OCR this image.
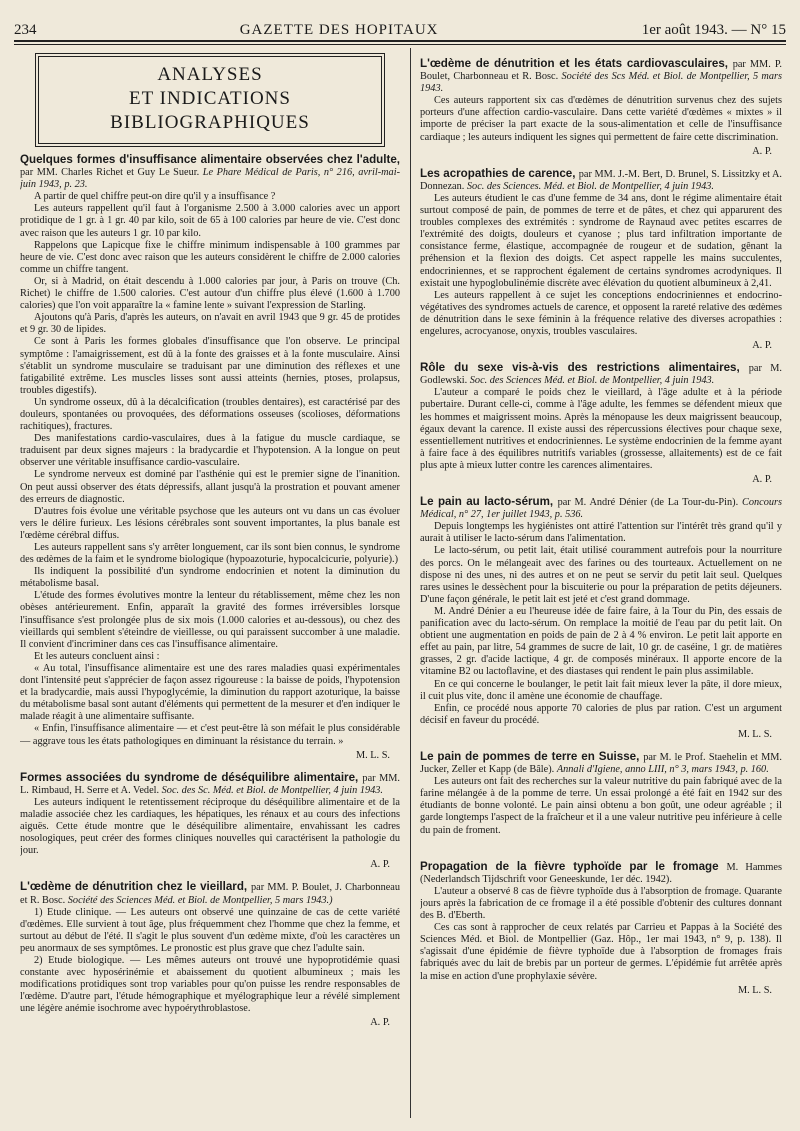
234	GAZETTE DES HOPITAUX	1er août 1943. — N° 15
ANALYSES
ET INDICATIONS BIBLIOGRAPHIQUES
Quelques formes d'insuffisance alimentaire observées chez l'adulte, par MM. Charles Richet et Guy Le Sueur. Le Phare Médical de Paris, n° 216, avril-mai-juin 1943, p. 23.

A partir de quel chiffre peut-on dire qu'il y a insuffisance ?

Les auteurs rappellent qu'il faut à l'organisme 2.500 à 3.000 calories avec un apport protidique de 1 gr. à 1 gr. 40 par kilo, soit de 65 à 100 calories par heure de vie. C'est donc avec raison que les auteurs 1 gr. 10 par kilo.

Rappelons que Lapicque fixe le chiffre minimum indispensable à 100 grammes par heure de vie. C'est donc avec raison que les auteurs considèrent le chiffre de 2.000 calories comme un chiffre tangent.

Or, si à Madrid, on était descendu à 1.000 calories par jour, à Paris on trouve (Ch. Richet) le chiffre de 1.500 calories. C'est autour d'un chiffre plus élevé (1.600 à 1.700 calories) que l'on voit apparaître la « famine lente » suivant l'expression de Starling.

Ajoutons qu'à Paris, d'après les auteurs, on n'avait en avril 1943 que 9 gr. 45 de protides et 9 gr. 30 de lipides.

Ce sont à Paris les formes globales d'insuffisance que l'on observe. Le principal symptôme : l'amaigrissement, est dû à la fonte des graisses et à la fonte musculaire. Ainsi s'établit un syndrome musculaire se traduisant par une diminution des réflexes et une fatigabilité extrême. Les muscles lisses sont aussi atteints (hernies, ptoses, prolapsus, troubles digestifs).

Un syndrome osseux, dû à la décalcification (troubles dentaires), est caractérisé par des douleurs, spontanées ou provoquées, des déformations osseuses (scolioses, déformations rachitiques), fractures.

Des manifestations cardio-vasculaires, dues à la fatigue du muscle cardiaque, se traduisent par deux signes majeurs : la bradycardie et l'hypotension. A la longue on peut observer une véritable insuffisance cardio-vasculaire.

Le syndrome nerveux est dominé par l'asthénie qui est le premier signe de l'inanition. On peut aussi observer des états dépressifs, allant jusqu'à la prostration et pouvant amener des erreurs de diagnostic.

D'autres fois évolue une véritable psychose que les auteurs ont vu dans un cas évoluer vers le délire furieux. Les lésions cérébrales sont souvent importantes, la plus banale est l'œdème cérébral diffus.

Les auteurs rappellent sans s'y arrêter longuement, car ils sont bien connus, le syndrome des œdèmes de la faim et le syndrome biologique (hypoazoturie, hypocalcicurie, polyurie).)

Ils indiquent la possibilité d'un syndrome endocrinien et notent la diminution du métabolisme basal.

L'étude des formes évolutives montre la lenteur du rétablissement, même chez les non obèses antérieurement. Enfin, apparaît la gravité des formes irréversibles lorsque l'insuffisance s'est prolongée plus de six mois (1.000 calories et au-dessous), ou chez des vieillards qui semblent s'éteindre de vieillesse, ou qui paraissent succomber à une maladie. Il convient d'incriminer dans ces cas l'insuffisance alimentaire.

Et les auteurs concluent ainsi :

« Au total, l'insuffisance alimentaire est une des rares maladies quasi expérimentales dont l'intensité peut s'apprécier de façon assez rigoureuse : la baisse de poids, l'hypotension et la bradycardie, mais aussi l'hypoglycémie, la diminution du rapport azoturique, la baisse du métabolisme basal sont autant d'éléments qui permettent de la mesurer et d'en indiquer le malade réagit à une alimentaire suffisante.

« Enfin, l'insuffisance alimentaire — et c'est peut-être là son méfait le plus considérable — aggrave tous les états pathologiques en diminuant la résistance du terrain. »

M. L. S.
Formes associées du syndrome de déséquilibre alimentaire, par MM. L. Rimbaud, H. Serre et A. Vedel. Soc. des Sc. Méd. et Biol. de Montpellier, 4 juin 1943.

Les auteurs indiquent le retentissement réciproque du déséquilibre alimentaire et de la maladie associée chez les cardiaques, les hépatiques, les rénaux et au cours des infections aiguës. Cette étude montre que le déséquilibre alimentaire, envahissant les cadres nosologiques, peut créer des formes cliniques nouvelles qui caractérisent la pathologie du jour.

A. P.
L'œdème de dénutrition chez le vieillard, par MM. P. Boulet, J. Charbonneau et R. Bosc. Société des Sciences Méd. et Biol. de Montpellier, 5 mars 1943.)

1) Etude clinique. — Les auteurs ont observé une quinzaine de cas de cette variété d'œdèmes. Elle survient à tout âge, plus fréquemment chez l'homme que chez la femme, et surtout au début de l'été. Il s'agit le plus souvent d'un œdème mixte, d'où les caractères un peu anormaux de ses symptômes. Le pronostic est plus grave que chez l'adulte sain.

2) Etude biologique. — Les mêmes auteurs ont trouvé une hypoprotidémie quasi constante avec hyposérinémie et abaissement du quotient albumineux ; mais les modifications protidiques sont trop variables pour qu'on puisse les rendre responsables de l'œdème. D'autre part, l'étude hémographique et myélographique leur a révélé simplement une légère anémie isochrome avec hypoérythroblastose.

A. P.
L'œdème de dénutrition et les états cardiovasculaires, par MM. P. Boulet, Charbonneau et R. Bosc. Société des Scs Méd. et Biol. de Montpellier, 5 mars 1943.

Ces auteurs rapportent six cas d'œdèmes de dénutrition survenus chez des sujets porteurs d'une affection cardio-vasculaire. Dans cette variété d'œdèmes « mixtes » il importe de préciser la part exacte de la sous-alimentation et celle de l'insuffisance cardiaque ; les auteurs indiquent les signes qui permettent de faire cette discrimination.

A. P.
Les acropathies de carence, par MM. J.-M. Bert, D. Brunel, S. Lissitzky et A. Donnezan. Soc. des Sciences. Méd. et Biol. de Montpellier, 4 juin 1943.

Les auteurs étudient le cas d'une femme de 34 ans, dont le régime alimentaire était surtout composé de pain, de pommes de terre et de pâtes, et chez qui apparurent des troubles complexes des extrémités : syndrome de Raynaud avec petites escarres de l'extrémité des doigts, douleurs et cyanose ; plus tard infiltration importante de consistance ferme, élastique, accompagnée de rougeur et de sudation, gênant la préhension et la flexion des doigts. Cet aspect rappelle les mains succulentes, endocriniennes, et se rapprochent également de certains syndromes acrodyniques. Il existait une hypoglobulinémie discrète avec élévation du quotient albumineux à 2,41.

Les auteurs rappellent à ce sujet les conceptions endocriniennes et endocrino-végétatives des syndromes actuels de carence, et opposent la rareté relative des œdèmes de dénutrition dans le sexe féminin à la fréquence relative des diverses acropathies : engelures, acrocyanose, onyxis, troubles vasculaires.

A. P.
Rôle du sexe vis-à-vis des restrictions alimentaires, par M. Godlewski. Soc. des Sciences Méd. et Biol. de Montpellier, 4 juin 1943.

L'auteur a comparé le poids chez le vieillard, à l'âge adulte et à la période pubertaire. Durant celle-ci, comme à l'âge adulte, les femmes se défendent mieux que les hommes et maigrissent moins. Après la ménopause les deux maigrissent beaucoup, égaux devant la carence. Il existe aussi des répercussions électives pour chaque sexe, essentiellement nutritives et endocriniennes. Le système endocrinien de la femme ayant à faire face à des équilibres nutritifs variables (grossesse, allaitements) est de ce fait plus apte à mieux lutter contre les carences alimentaires.

A. P.
Le pain au lacto-sérum, par M. André Dénier (de La Tour-du-Pin). Concours Médical, n° 27, 1er juillet 1943, p. 536.

Depuis longtemps les hygiénistes ont attiré l'attention sur l'intérêt très grand qu'il y aurait à utiliser le lacto-sérum dans l'alimentation.

Le lacto-sérum, ou petit lait, était utilisé couramment autrefois pour la nourriture des porcs. On le mélangeait avec des farines ou des tourteaux. Actuellement on ne dispose ni des unes, ni des autres et on ne peut se servir du petit lait seul. Quelques rares usines le dessèchent pour la biscuiterie ou pour la préparation de petits déjeuners. D'une façon générale, le petit lait est jeté et c'est grand dommage.

M. André Dénier a eu l'heureuse idée de faire faire, à la Tour du Pin, des essais de panification avec du lacto-sérum. On remplace la moitié de l'eau par du petit lait. On obtient une augmentation en poids de pain de 2 à 4 % environ. Le petit lait apporte en effet au pain, par litre, 54 grammes de sucre de lait, 10 gr. de caséine, 1 gr. de matières grasses, 2 gr. d'acide lactique, 4 gr. de composés minéraux. Il apporte encore de la vitamine B2 ou lactoflavine, et des diastases qui rendent le pain plus assimilable.

En ce qui concerne le boulanger, le petit lait fait mieux lever la pâte, il dore mieux, il cuit plus vite, donc il amène une économie de chauffage.

Enfin, ce procédé nous apporte 70 calories de plus par ration. C'est un argument décisif en faveur du procédé.

M. L. S.
Le pain de pommes de terre en Suisse, par M. le Prof. Staehelin et MM. Jucker, Zeller et Kapp (de Bâle). Annali d'Igiene, anno LIII, n° 3, mars 1943, p. 160.

Les auteurs ont fait des recherches sur la valeur nutritive du pain fabriqué avec de la farine mélangée à de la pomme de terre. Un essai prolongé a été fait en 1942 sur des étudiants de bonne volonté. Le pain ainsi obtenu a bon goût, une odeur agréable ; il garde longtemps l'aspect de la fraîcheur et il a une valeur nutritive peu inférieure à celle du pain de froment.

Propagation de la fièvre typhoïde par le fromage M. Hammes (Nederlandsch Tijdschrift voor Geneeskunde, 1er déc. 1942).

L'auteur a observé 8 cas de fièvre typhoïde dus à l'absorption de fromage. Quarante jours après la fabrication de ce fromage il a été possible d'obtenir des cultures donnant des B. d'Eberth.

Ces cas sont à rapprocher de ceux relatés par Carrieu et Pappas à la Société des Sciences Méd. et Biol. de Montpellier (Gaz. Hôp., 1er mai 1943, n° 9, p. 138). Il s'agissait d'une épidémie de fièvre typhoïde due à l'absorption de fromages frais fabriqués avec du lait de brebis par un porteur de germes. L'épidémie fut arrêtée après la mise en action d'une prophylaxie sévère.

M. L. S.
